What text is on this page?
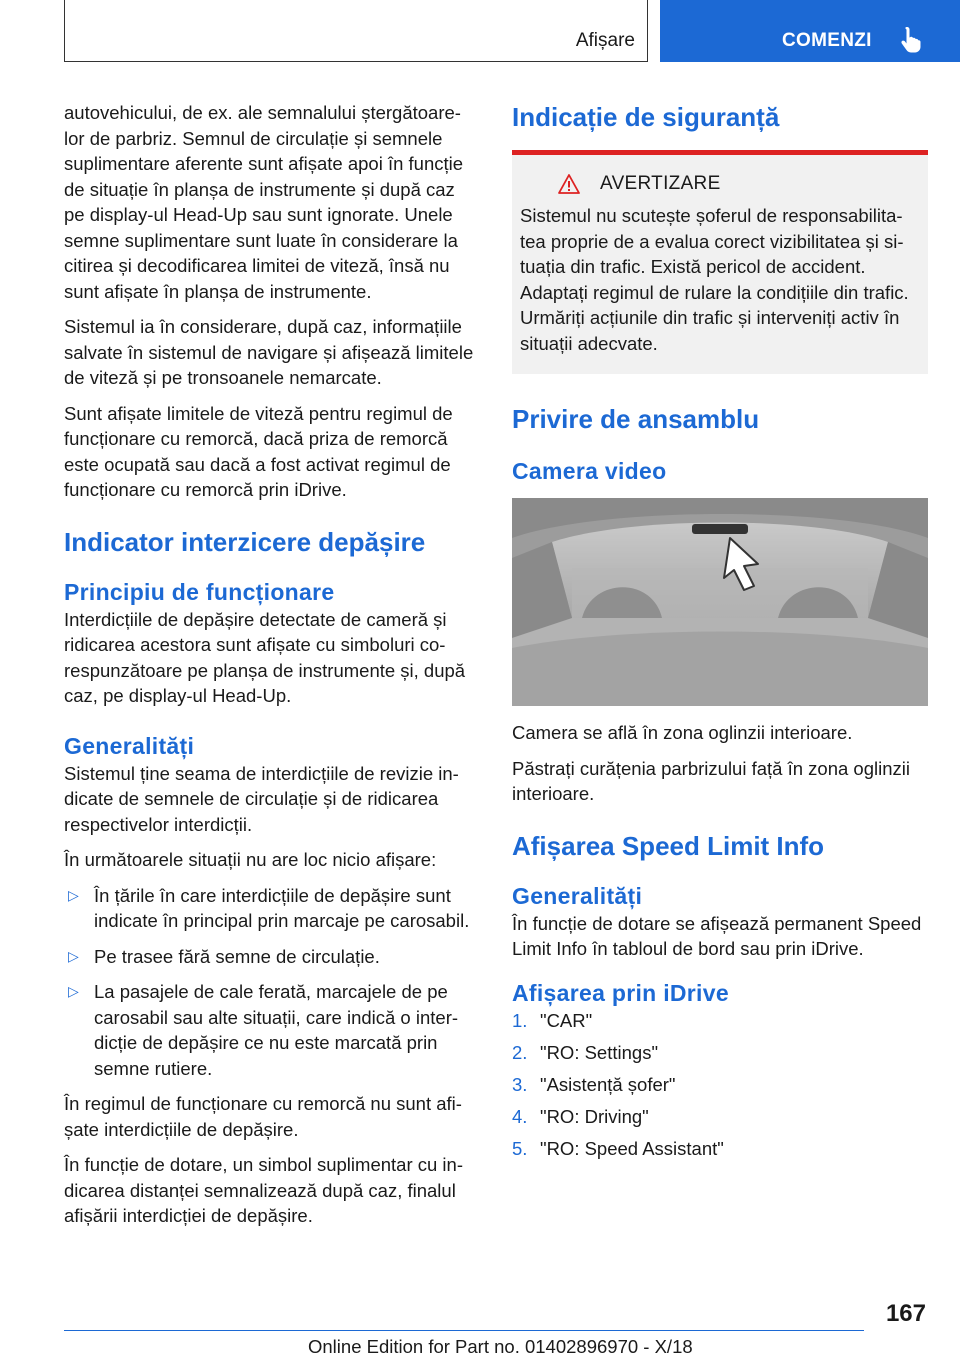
Afișare	COMENZI

autovehicului, de ex. ale semnalului ștergătoare-lor de parbriz. Semnul de circulație și semnele suplimentare aferente sunt afișate apoi în funcție de situație în planșa de instrumente și după caz pe display-ul Head-Up sau sunt ignorate. Unele semne suplimentare sunt luate în considerare la citirea și decodificarea limitei de viteză, însă nu sunt afișate în planșa de instrumente.

Sistemul ia în considerare, după caz, informațiile salvate în sistemul de navigare și afișează limitele de viteză și pe tronsoanele nemarcate.

Sunt afișate limitele de viteză pentru regimul de funcționare cu remorcă, dacă priza de remorcă este ocupată sau dacă a fost activat regimul de funcționare cu remorcă prin iDrive.

Indicator interzicere depășire
Principiu de funcționare

Interdicțiile de depășire detectate de cameră și ridicarea acestora sunt afișate cu simboluri co-respunzătoare pe planșa de instrumente și, după caz, pe display-ul Head-Up.

Generalități

Sistemul ține seama de interdicțiile de revizie in-dicate de semnele de circulație și de ridicarea respectivelor interdicții.

În următoarele situații nu are loc nicio afișare:

▷ În țările în care interdicțiile de depășire sunt indicate în principal prin marcaje pe carosabil.
▷ Pe trasee fără semne de circulație.
▷ La pasajele de cale ferată, marcajele de pe carosabil sau alte situații, care indică o inter-dicție de depășire ce nu este marcată prin semne rutiere.

În regimul de funcționare cu remorcă nu sunt afi-șate interdicțiile de depășire.

În funcție de dotare, un simbol suplimentar cu in-dicarea distanței semnalizează după caz, finalul afișării interdicției de depășire.

Indicație de siguranță
AVERTIZARE

Sistemul nu scutește șoferul de responsabilita-tea proprie de a evalua corect vizibilitatea și si-tuația din trafic. Există pericol de accident. Adaptați regimul de rulare la condițiile din trafic. Urmăriți acțiunile din trafic și interveniți activ în situații adecvate.

Privire de ansamblu
Camera video

Camera se află în zona oglinzii interioare.

Păstrați curățenia parbrizului față în zona oglinzii interioare.

Afișarea Speed Limit Info
Generalități

În funcție de dotare se afișează permanent Speed Limit Info în tabloul de bord sau prin iDrive.

Afișarea prin iDrive
1. "CAR"
2. "RO: Settings"
3. "Asistență șofer"
4. "RO: Driving"
5. "RO: Speed Assistant"
167
Online Edition for Part no. 01402896970 - X/18
